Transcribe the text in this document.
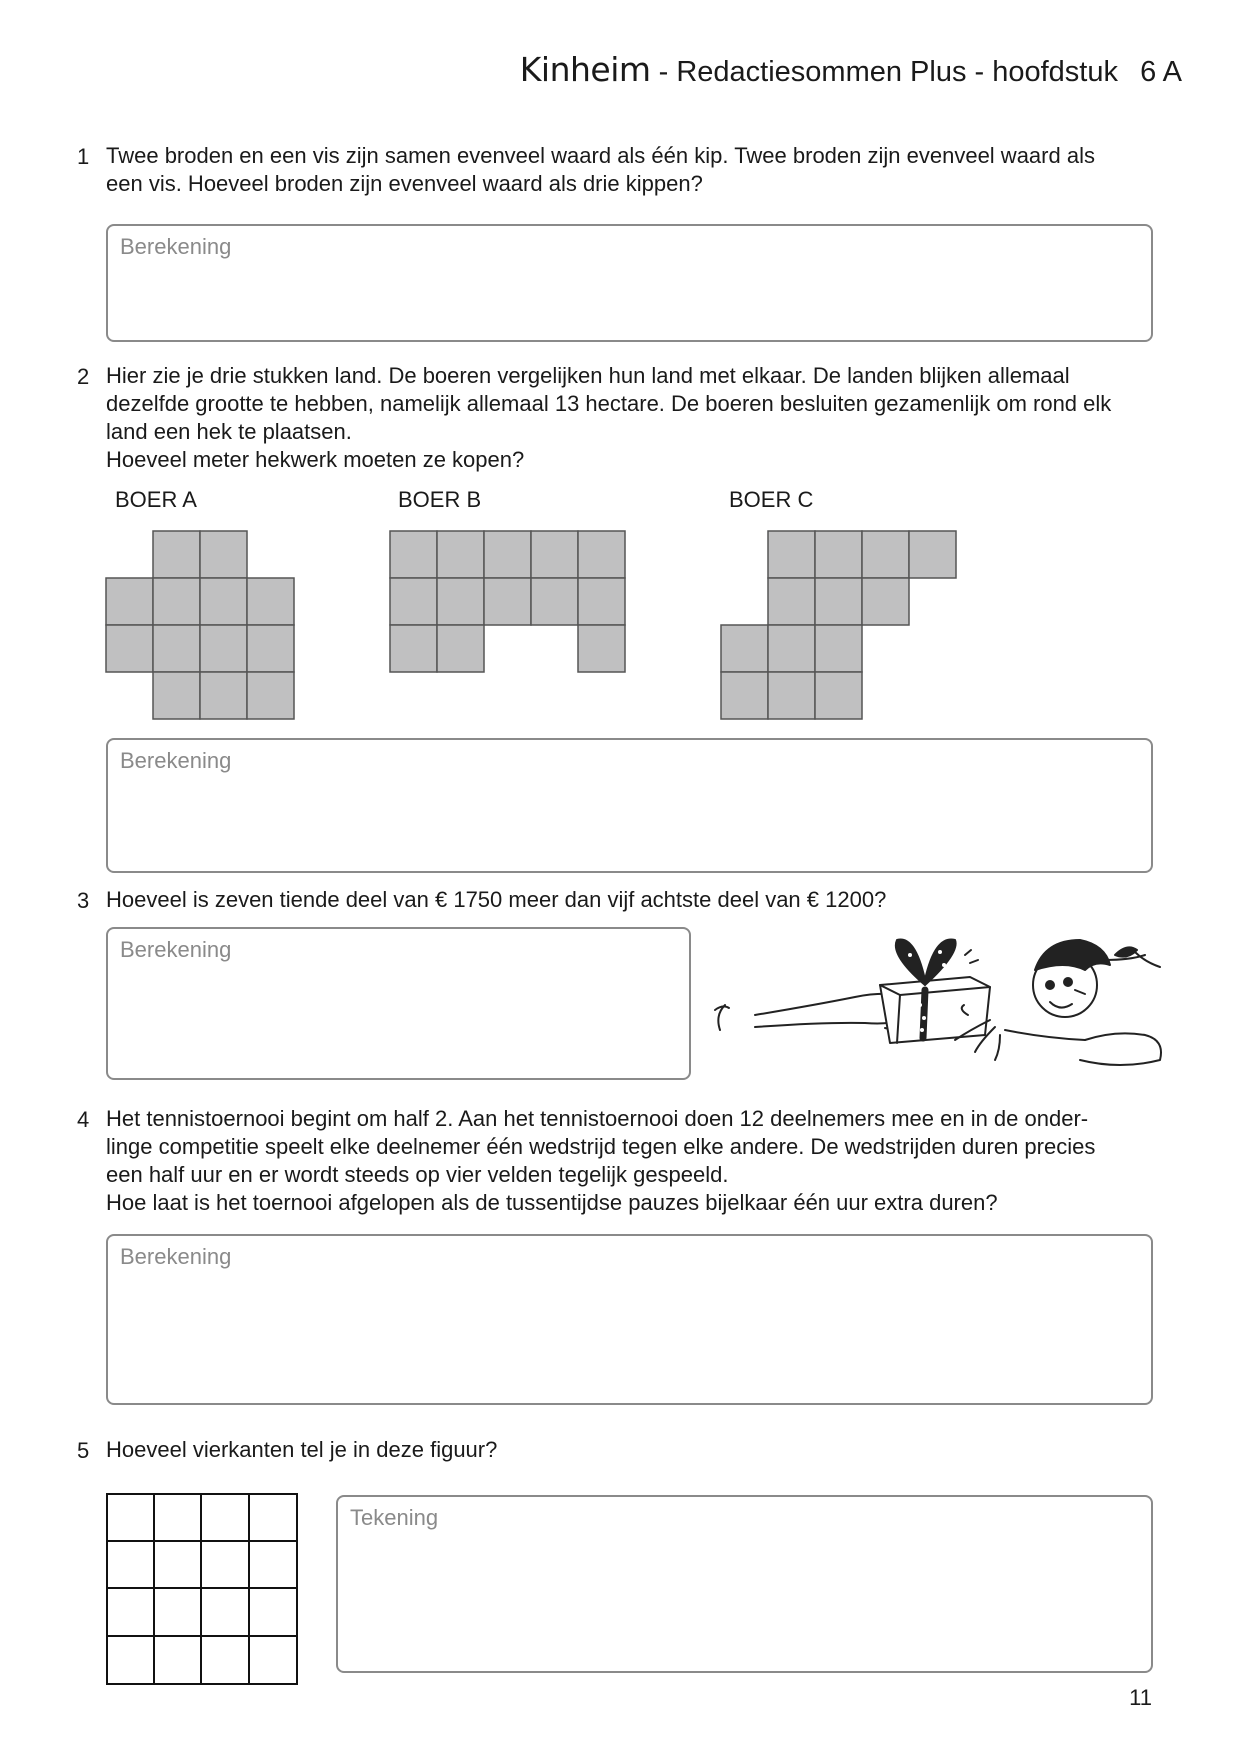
Kinheim - Redactiesommen Plus - hoofdstuk 6 A
1 Twee broden en een vis zijn samen evenveel waard als één kip. Twee broden zijn evenveel waard als
een vis. Hoeveel broden zijn evenveel waard als drie kippen?
Berekening
2 Hier zie je drie stukken land. De boeren vergelijken hun land met elkaar. De landen blijken allemaal
dezelfde grootte te hebben, namelijk allemaal 13 hectare. De boeren besluiten gezamenlijk om rond elk
land een hek te plaatsen.
Hoeveel meter hekwerk moeten ze kopen?
BOER A	BOER B	BOER C
Berekening
3 Hoeveel is zeven tiende deel van € 1750 meer dan vijf achtste deel van € 1200?
Berekening
4 Het tennistoernooi begint om half 2. Aan het tennistoernooi doen 12 deelnemers mee en in de onder-
linge competitie speelt elke deelnemer één wedstrijd tegen elke andere. De wedstrijden duren precies
een half uur en er wordt steeds op vier velden tegelijk gespeeld.
Hoe laat is het toernooi afgelopen als de tussentijdse pauzes bijelkaar één uur extra duren?
Berekening
5 Hoeveel vierkanten tel je in deze figuur?
Tekening
11
